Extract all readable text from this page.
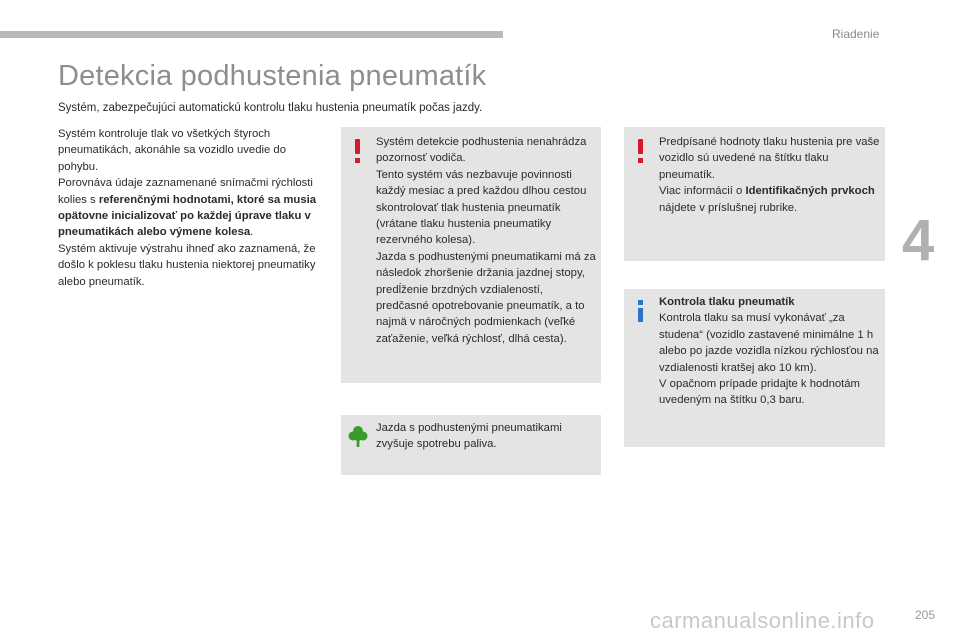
Riadenie
4
Detekcia podhustenia pneumatík
Systém, zabezpečujúci automatickú kontrolu tlaku hustenia pneumatík počas jazdy.

Systém kontroluje tlak vo všetkých štyroch pneumatikách, akonáhle sa vozidlo uvedie do pohybu.

Porovnáva údaje zaznamenané snímačmi rýchlosti kolies s referenčnými hodnotami, ktoré sa musia opätovne inicializovať po každej úprave tlaku v pneumatikách alebo výmene kolesa.

Systém aktivuje výstrahu ihneď ako zaznamená, že došlo k poklesu tlaku hustenia niektorej pneumatiky alebo pneumatík.

Systém detekcie podhustenia nenahrádza pozornosť vodiča.

Tento systém vás nezbavuje povinnosti každý mesiac a pred každou dlhou cestou skontrolovať tlak hustenia pneumatík (vrátane tlaku hustenia pneumatiky rezervného kolesa).

Jazda s podhustenými pneumatikami má za následok zhoršenie držania jazdnej stopy, predĺženie brzdných vzdialeností, predčasné opotrebovanie pneumatík, a to najmä v náročných podmienkach (veľké zaťaženie, veľká rýchlosť, dlhá cesta).

Jazda s podhustenými pneumatikami zvyšuje spotrebu paliva.

Predpísané hodnoty tlaku hustenia pre vaše vozidlo sú uvedené na štítku tlaku pneumatík.

Viac informácií o Identifikačných prvkoch nájdete v príslušnej rubrike.

Kontrola tlaku pneumatík

Kontrola tlaku sa musí vykonávať „za studena“ (vozidlo zastavené minimálne 1 h alebo po jazde vozidla nízkou rýchlosťou na vzdialenosti kratšej ako 10 km).

V opačnom prípade pridajte k hodnotám uvedeným na štítku 0,3 baru.

carmanualsonline.info	205
